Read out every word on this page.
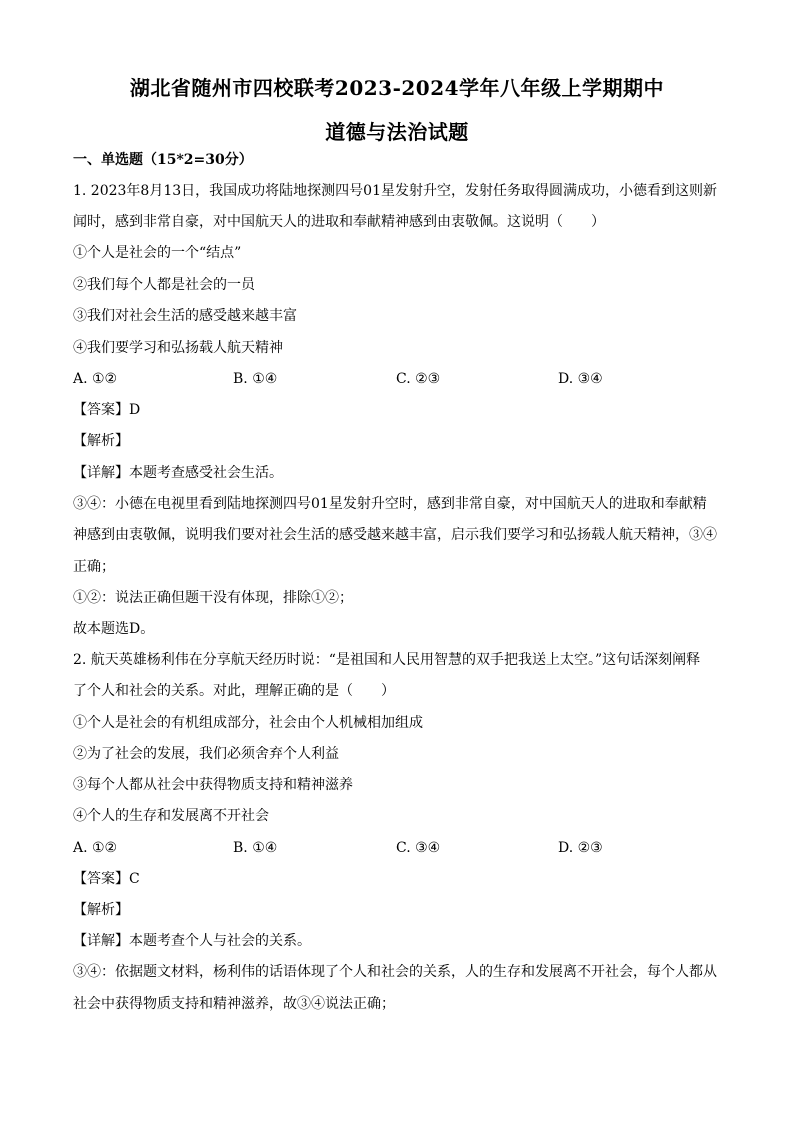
湖北省随州市四校联考2023-2024学年八年级上学期期中
道德与法治试题
一、单选题（15*2=30分）
1. 2023年8月13日，我国成功将陆地探测四号01星发射升空，发射任务取得圆满成功，小德看到这则新
闻时，感到非常自豪，对中国航天人的进取和奉献精神感到由衷敬佩。这说明（　　）
①个人是社会的一个“结点”
②我们每个人都是社会的一员
③我们对社会生活的感受越来越丰富
④我们要学习和弘扬载人航天精神
A. ①②	B. ①④	C. ②③	D. ③④
【答案】D
【解析】
【详解】本题考查感受社会生活。
③④：小德在电视里看到陆地探测四号01星发射升空时，感到非常自豪，对中国航天人的进取和奉献精
神感到由衷敬佩，说明我们要对社会生活的感受越来越丰富，启示我们要学习和弘扬载人航天精神，③④
正确；
①②：说法正确但题干没有体现，排除①②；
故本题选D。
2. 航天英雄杨利伟在分享航天经历时说：“是祖国和人民用智慧的双手把我送上太空。”这句话深刻阐释
了个人和社会的关系。对此，理解正确的是（　　）
①个人是社会的有机组成部分，社会由个人机械相加组成
②为了社会的发展，我们必须舍弃个人利益
③每个人都从社会中获得物质支持和精神滋养
④个人的生存和发展离不开社会
A. ①②	B. ①④	C. ③④	D. ②③
【答案】C
【解析】
【详解】本题考查个人与社会的关系。
③④：依据题文材料，杨利伟的话语体现了个人和社会的关系，人的生存和发展离不开社会，每个人都从
社会中获得物质支持和精神滋养，故③④说法正确；
